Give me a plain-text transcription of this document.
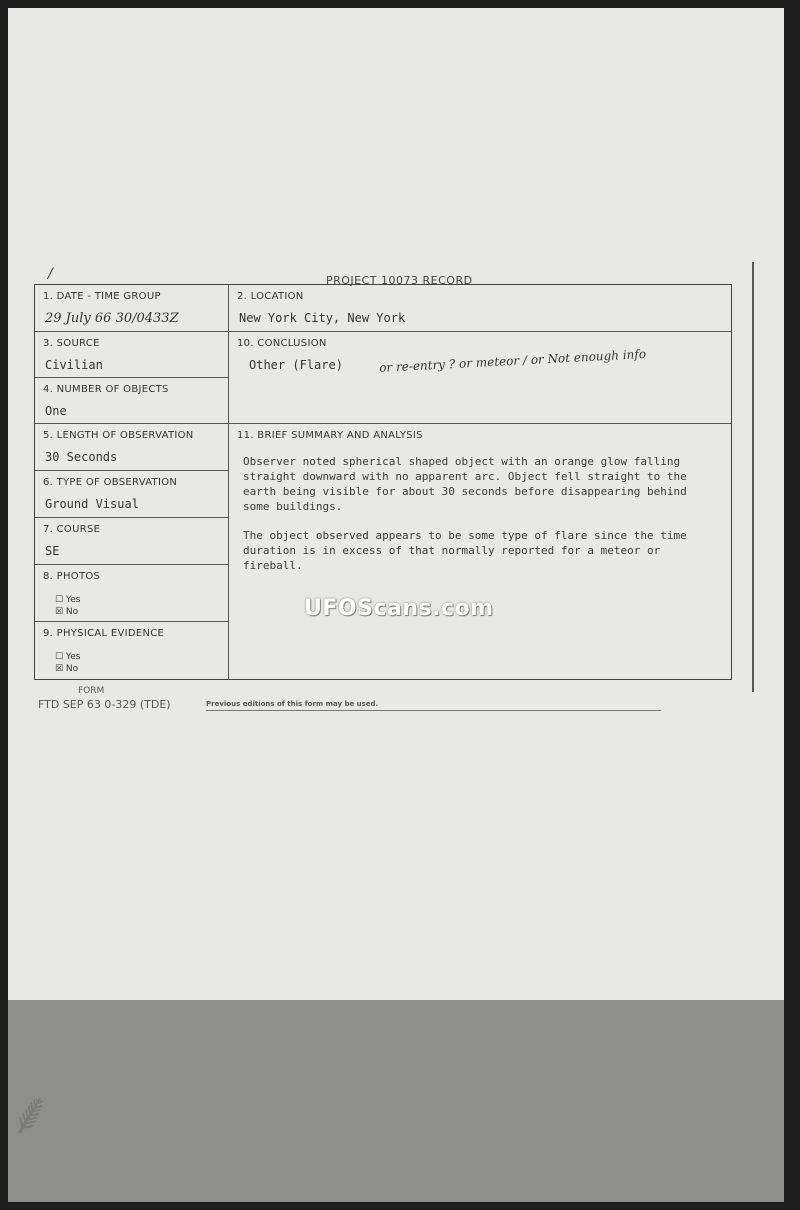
/	PROJECT 10073 RECORD
⸙
1. DATE - TIME GROUP
29 July 66 30/0433Z
2. LOCATION
New York City, New York
3. SOURCE
Civilian
4. NUMBER OF OBJECTS
One
5. LENGTH OF OBSERVATION
30 Seconds
6. TYPE OF OBSERVATION
Ground Visual
7. COURSE
SE
8. PHOTOS
☐ Yes
☒ No
9. PHYSICAL EVIDENCE
☐ Yes
☒ No
10. CONCLUSION
Other (Flare)	or re-entry ? or meteor / or Not enough info
11. BRIEF SUMMARY AND ANALYSIS

Observer noted spherical shaped object with an orange glow falling straight downward with no apparent arc. Object fell straight to the earth being visible for about 30 seconds before disappearing behind some buildings.

The object observed appears to be some type of flare since the time duration is in excess of that normally reported for a meteor or fireball.

FORM
FTD SEP 63 0-329 (TDE)	Previous editions of this form may be used.
UFOScans.com
